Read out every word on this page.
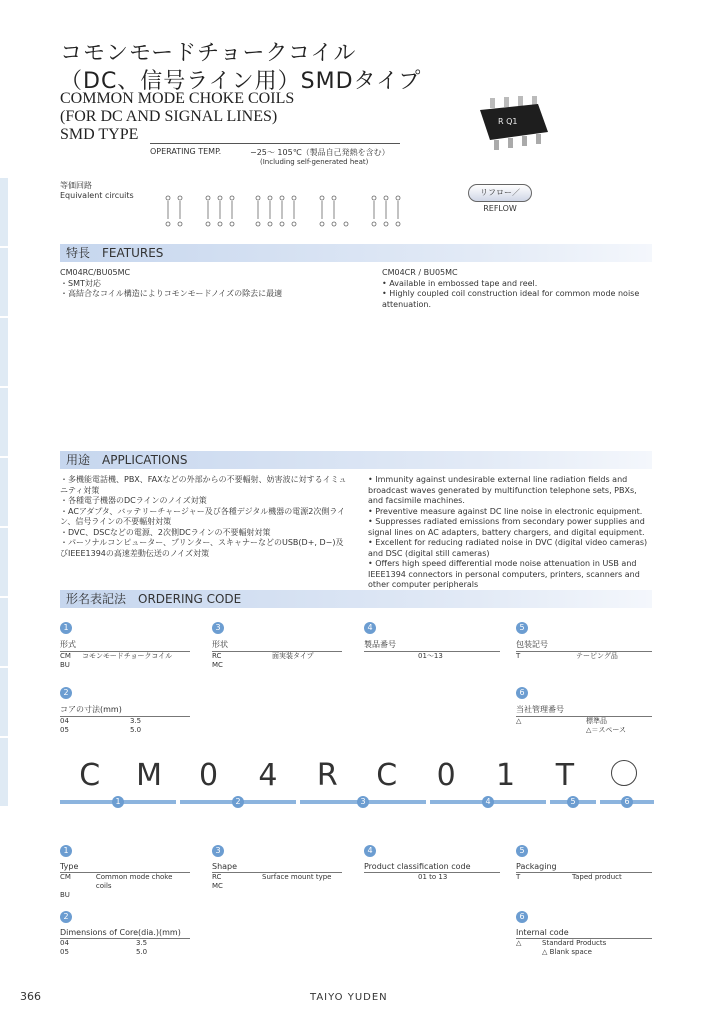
コモンモードチョークコイル
（DC、信号ライン用）SMDタイプ
COMMON MODE CHOKE COILS
(FOR DC AND SIGNAL LINES)
SMD TYPE
R Q1
OPERATING TEMP.	−25～ 105℃（製品自己発熱を含む）
(Including self-generated heat)
リフロー／REFLOW
等価回路
Equivalent circuits
特長　FEATURES
CM04RC/BU05MC
・SMT対応
・高結合なコイル構造によりコモンモードノイズの除去に最適
CM04CR / BU05MC
• Available in embossed tape and reel.
• Highly coupled coil construction ideal for common mode noise attenuation.
用途　APPLICATIONS
・多機能電話機、PBX、FAXなどの外部からの不要輻射、妨害波に対するイミュニティ対策
・各種電子機器のDCラインのノイズ対策
・ACアダプタ、バッテリーチャージャー及び各種デジタル機器の電源2次側ライン、信号ラインの不要輻射対策
・DVC、DSCなどの電源、2次側DCラインの不要輻射対策
・パーソナルコンピューター、プリンター、スキャナーなどのUSB(D+, D−)及びIEEE1394の高速差動伝送のノイズ対策
• Immunity against undesirable external line radiation fields and broadcast waves generated by multifunction telephone sets, PBXs, and facsimile machines.
• Preventive measure against DC line noise in electronic equipment.
• Suppresses radiated emissions from secondary power supplies and signal lines on AC adapters, battery chargers, and digital equipment.
• Excellent for reducing radiated noise in DVC (digital video cameras) and DSC (digital still cameras)
• Offers high speed differential mode noise attenuation in USB and IEEE1394 connectors in personal computers, printers, scanners and other computer peripherals
形名表記法　ORDERING CODE
1
形式
CM	コモンモードチョークコイル
BU
3
形状
RC	面実装タイプ
MC
4
製品番号
01～13
5
包装記号
T	テーピング品
2
コアの寸法(mm)
04	3.5
05	5.0
6
当社管理番号
△	標準品
△＝スペース
C	M	0	4	R	C	0	1	T
1	2	3	4	5	6
1
Type
CM	Common mode choke coils
BU
3
Shape
RC	Surface mount type
MC
4
Product classification code
01 to 13
5
Packaging
T	Taped product
2
Dimensions of Core(dia.)(mm)
04	3.5
05	5.0
6
Internal code
△	Standard Products
△ Blank space
366	TAIYO YUDEN
